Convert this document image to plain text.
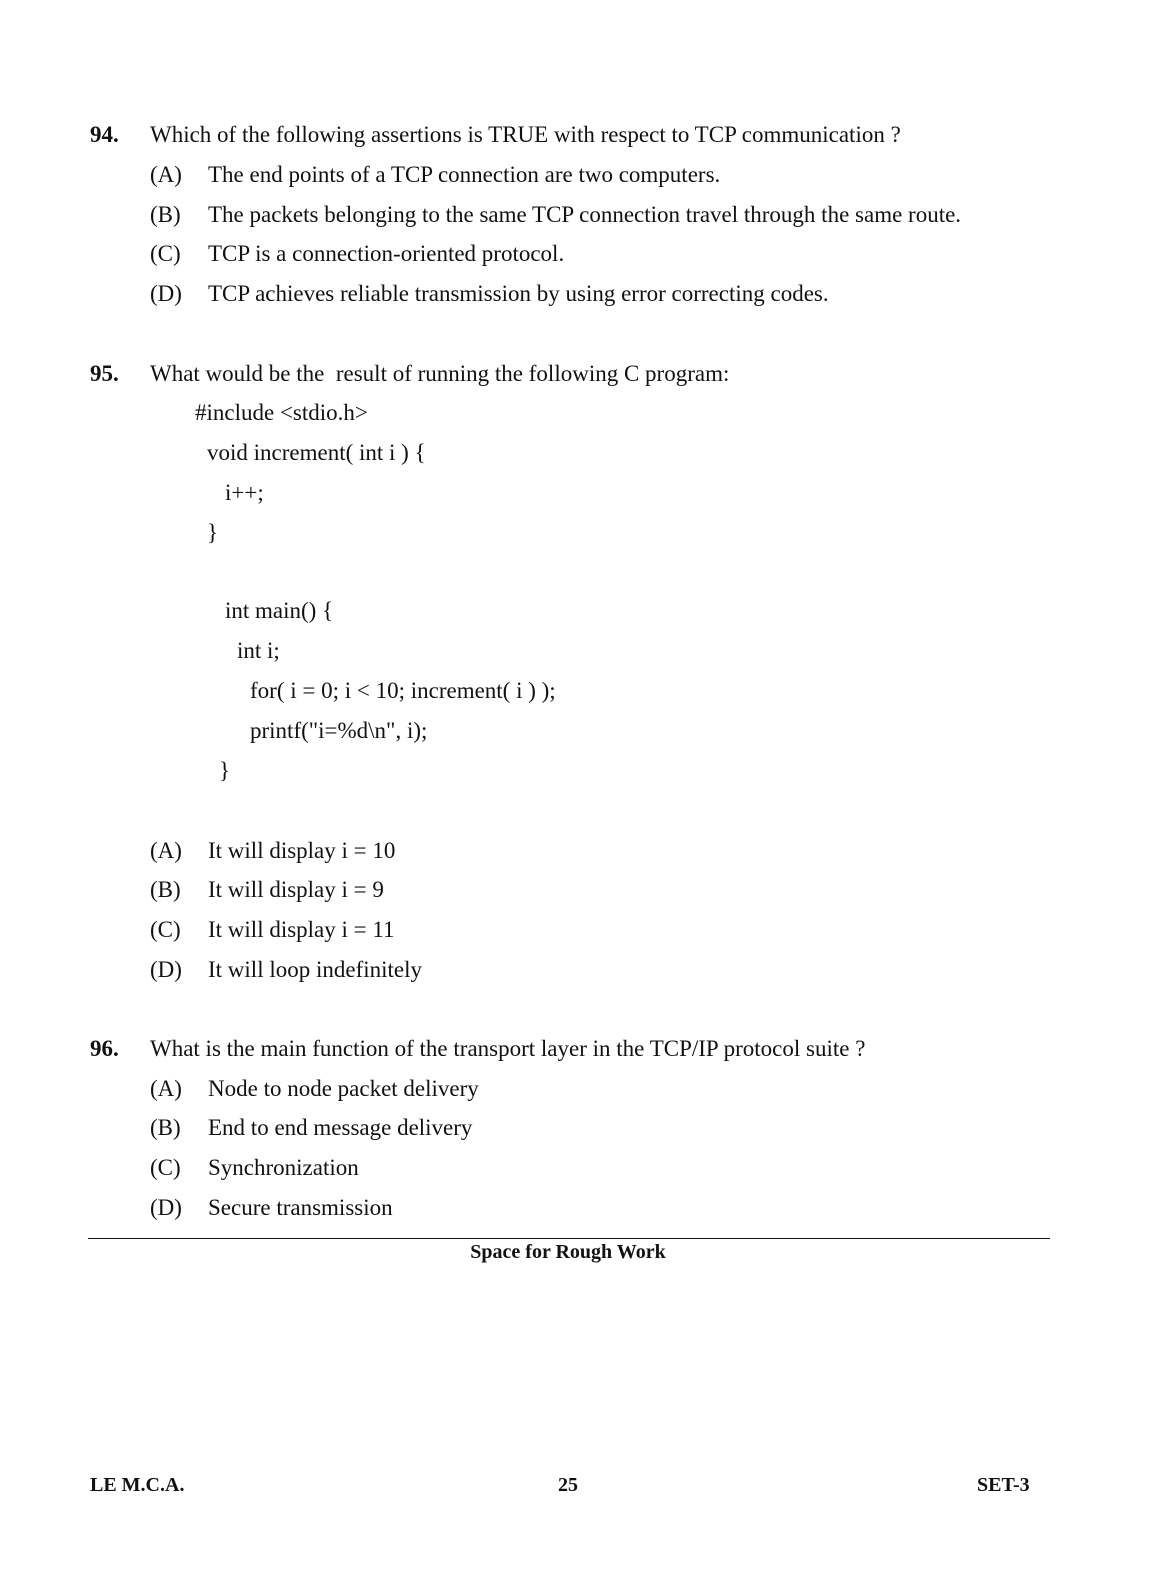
94. Which of the following assertions is TRUE with respect to TCP communication ?
(A) The end points of a TCP connection are two computers.
(B) The packets belonging to the same TCP connection travel through the same route.
(C) TCP is a connection-oriented protocol.
(D) TCP achieves reliable transmission by using error correcting codes.
95. What would be the  result of running the following C program:
#include <stdio.h>
void increment( int i ) {
i++;
}
int main() {
int i;
for( i = 0; i < 10; increment( i ) );
printf("i=%d\n", i);
}
(A) It will display i = 10
(B) It will display i = 9
(C) It will display i = 11
(D) It will loop indefinitely
96. What is the main function of the transport layer in the TCP/IP protocol suite ?
(A) Node to node packet delivery
(B) End to end message delivery
(C) Synchronization
(D) Secure transmission
Space for Rough Work
LE M.C.A.	25	SET-3
